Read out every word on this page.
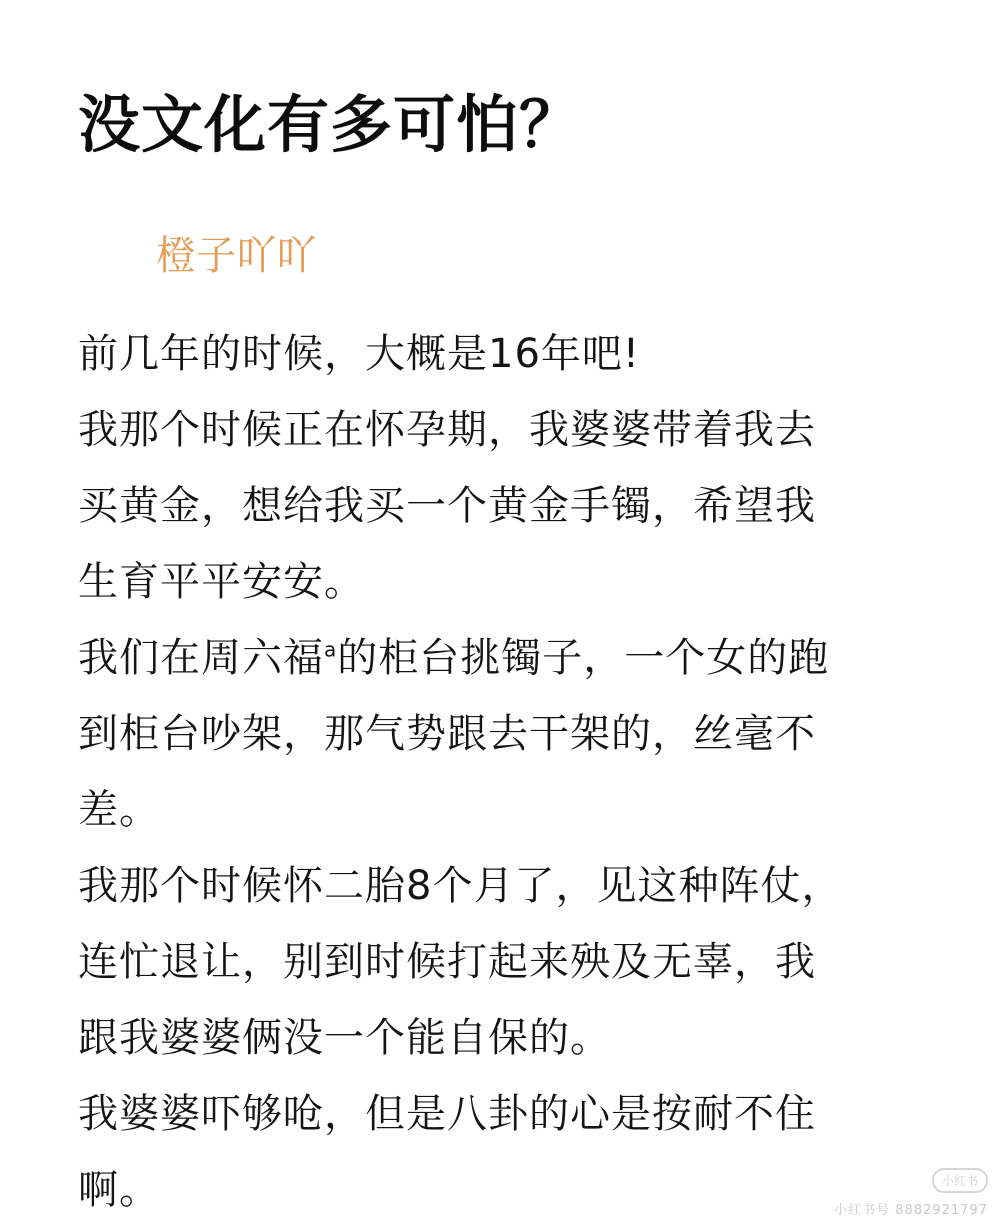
没文化有多可怕？
橙子吖吖
前几年的时候，大概是16年吧!
我那个时候正在怀孕期，我婆婆带着我去
买黄金，想给我买一个黄金手镯，希望我
生育平平安安。
我们在周六福$^a$的柜台挑镯子，一个女的跑
到柜台吵架，那气势跟去干架的，丝毫不
差。
我那个时候怀二胎8个月了，见这种阵仗，
连忙退让，别到时候打起来殃及无辜，我
跟我婆婆俩没一个能自保的。
我婆婆吓够呛，但是八卦的心是按耐不住
啊。	小红书
小红书号 8882921797
